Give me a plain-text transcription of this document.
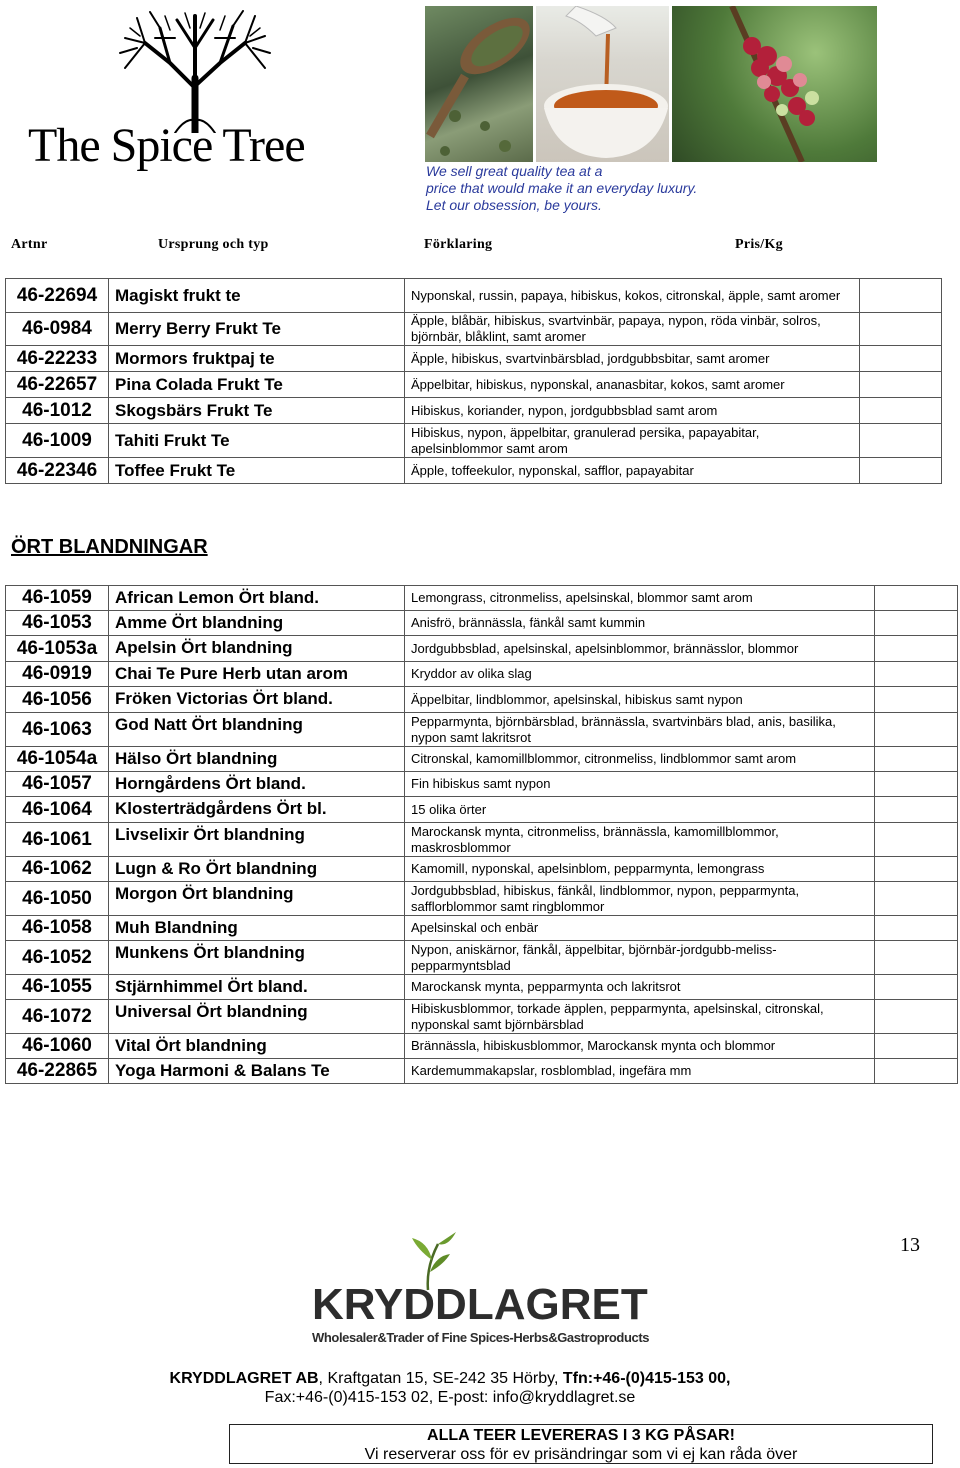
The Spice Tree	We sell great quality tea at a
price that would make it an everyday luxury.
Let our obsession, be yours.
Artnr	Ursprung och typ	Förklaring	Pris/Kg
46-22694	Magiskt frukt te	Nyponskal, russin, papaya, hibiskus, kokos, citronskal, äpple, samt aromer	
46-0984	Merry Berry Frukt Te	Äpple, blåbär, hibiskus, svartvinbär, papaya, nypon, röda vinbär, solros, björnbär, blåklint, samt aromer	
46-22233	Mormors fruktpaj te	Äpple, hibiskus, svartvinbärsblad, jordgubbsbitar, samt aromer	
46-22657	Pina Colada Frukt Te	Äppelbitar, hibiskus, nyponskal, ananasbitar, kokos, samt aromer	
46-1012	Skogsbärs Frukt Te	Hibiskus, koriander, nypon, jordgubbsblad samt arom	
46-1009	Tahiti Frukt Te	Hibiskus, nypon, äppelbitar, granulerad persika, papayabitar, apelsinblommor samt arom	
46-22346	Toffee Frukt Te	Äpple, toffeekulor, nyponskal, safflor, papayabitar	
ÖRT BLANDNINGAR
46-1059	African Lemon Ört bland.	Lemongrass, citronmeliss, apelsinskal, blommor samt arom	
46-1053	Amme Ört blandning	Anisfrö, brännässla, fänkål samt kummin	
46-1053a	Apelsin Ört blandning	Jordgubbsblad, apelsinskal, apelsinblommor, brännässlor, blommor	
46-0919	Chai Te Pure Herb utan arom	Kryddor av olika slag	
46-1056	Fröken Victorias Ört bland.	Äppelbitar, lindblommor, apelsinskal, hibiskus samt nypon	
46-1063	God Natt Ört blandning	Pepparmynta, björnbärsblad, brännässla, svartvinbärs blad, anis, basilika, nypon samt lakritsrot	
46-1054a	Hälso Ört blandning	Citronskal, kamomillblommor, citronmeliss, lindblommor samt arom	
46-1057	Horngårdens Ört bland.	Fin hibiskus samt nypon	
46-1064	Klosterträdgårdens Ört bl.	15 olika örter	
46-1061	Livselixir Ört blandning	Marockansk mynta, citronmeliss, brännässla, kamomillblommor, maskrosblommor	
46-1062	Lugn & Ro Ört blandning	Kamomill, nyponskal, apelsinblom, pepparmynta, lemongrass	
46-1050	Morgon Ört blandning	Jordgubbsblad, hibiskus, fänkål, lindblommor, nypon, pepparmynta, safflorblommor samt ringblommor	
46-1058	Muh Blandning	Apelsinskal och enbär	
46-1052	Munkens Ört blandning	Nypon, aniskärnor, fänkål, äppelbitar, björnbär-jordgubb-meliss-pepparmyntsblad	
46-1055	Stjärnhimmel Ört bland.	Marockansk mynta, pepparmynta och lakritsrot	
46-1072	Universal Ört blandning	Hibiskusblommor, torkade äpplen, pepparmynta, apelsinskal, citronskal, nyponskal samt björnbärsblad	
46-1060	Vital Ört blandning	Brännässla, hibiskusblommor, Marockansk mynta och blommor	
46-22865	Yoga Harmoni & Balans Te	Kardemummakapslar, rosblomblad, ingefära mm	
13
KRYDDLAGRET
Wholesaler&Trader of Fine Spices-Herbs&Gastroproducts
KRYDDLAGRET AB, Kraftgatan 15, SE-242 35 Hörby, Tfn:+46-(0)415-153 00,
Fax:+46-(0)415-153 02, E-post: info@kryddlagret.se
ALLA TEER LEVERERAS I 3 KG PÅSAR!
Vi reserverar oss för ev prisändringar som vi ej kan råda över
